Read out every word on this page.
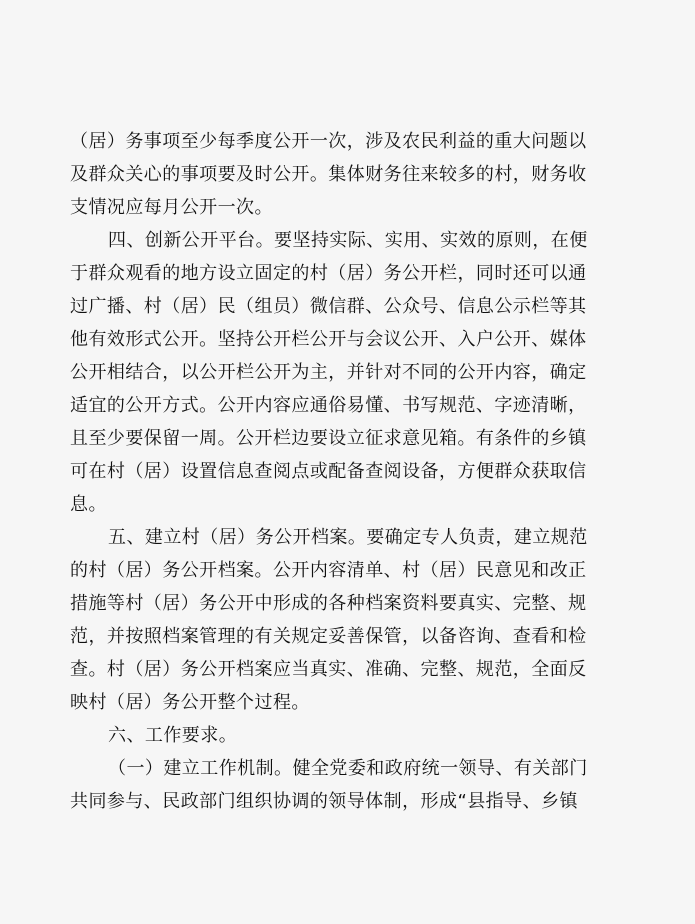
（居）务事项至少每季度公开一次，涉及农民利益的重大问题以
及群众关心的事项要及时公开。集体财务往来较多的村，财务收
支情况应每月公开一次。

四、创新公开平台。要坚持实际、实用、实效的原则，在便
于群众观看的地方设立固定的村（居）务公开栏，同时还可以通
过广播、村（居）民（组员）微信群、公众号、信息公示栏等其
他有效形式公开。坚持公开栏公开与会议公开、入户公开、媒体
公开相结合，以公开栏公开为主，并针对不同的公开内容，确定
适宜的公开方式。公开内容应通俗易懂、书写规范、字迹清晰，
且至少要保留一周。公开栏边要设立征求意见箱。有条件的乡镇
可在村（居）设置信息查阅点或配备查阅设备，方便群众获取信
息。

五、建立村（居）务公开档案。要确定专人负责，建立规范
的村（居）务公开档案。公开内容清单、村（居）民意见和改正
措施等村（居）务公开中形成的各种档案资料要真实、完整、规
范，并按照档案管理的有关规定妥善保管，以备咨询、查看和检
查。村（居）务公开档案应当真实、准确、完整、规范，全面反
映村（居）务公开整个过程。

六、工作要求。

（一）建立工作机制。健全党委和政府统一领导、有关部门
共同参与、民政部门组织协调的领导体制，形成“县指导、乡镇
